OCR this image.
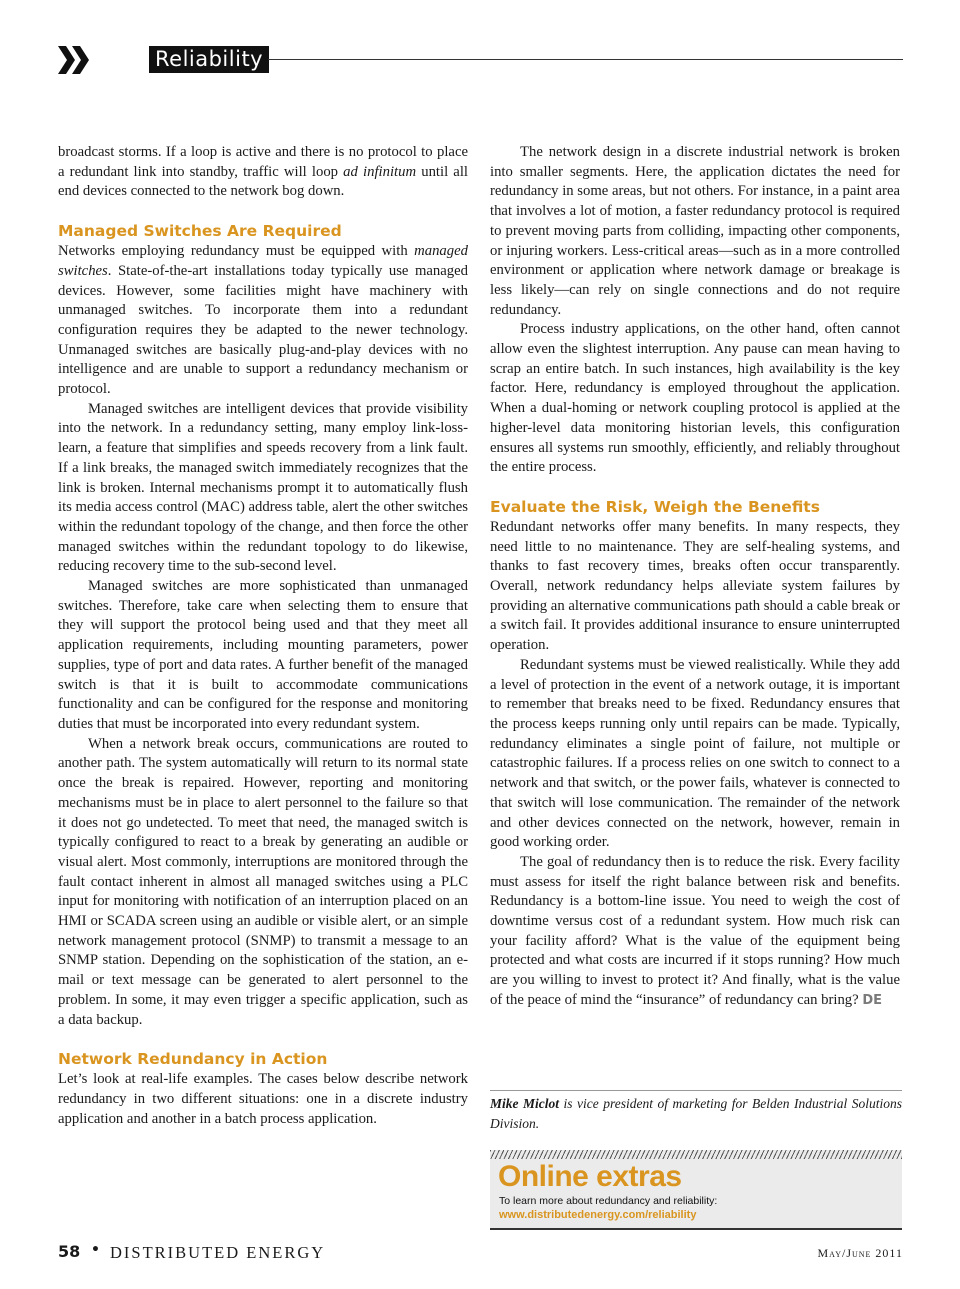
Reliability

broadcast storms. If a loop is active and there is no protocol to place a redundant link into standby, traffic will loop ad infinitum until all end devices connected to the network bog down.

Managed Switches Are Required

Networks employing redundancy must be equipped with managed switches. State-of-the-art installations today typically use managed devices. However, some facilities might have machinery with unmanaged switches. To incorporate them into a redundant configuration requires they be adapted to the newer technology. Unmanaged switches are basically plug-and-play devices with no intelligence and are unable to support a redundancy mechanism or protocol.

Managed switches are intelligent devices that provide visibility into the network. In a redundancy setting, many employ link-loss-learn, a feature that simplifies and speeds recovery from a link fault. If a link breaks, the managed switch immediately recognizes that the link is broken. Internal mechanisms prompt it to automatically flush its media access control (MAC) address table, alert the other switches within the redundant topology of the change, and then force the other managed switches within the redundant topology to do likewise, reducing recovery time to the sub-second level.

Managed switches are more sophisticated than unmanaged switches. Therefore, take care when selecting them to ensure that they will support the protocol being used and that they meet all application requirements, including mounting parameters, power supplies, type of port and data rates. A further benefit of the managed switch is that it is built to accommodate communications functionality and can be configured for the response and monitoring duties that must be incorporated into every redundant system.

When a network break occurs, communications are routed to another path. The system automatically will return to its normal state once the break is repaired. However, reporting and monitoring mechanisms must be in place to alert personnel to the failure so that it does not go undetected. To meet that need, the managed switch is typically configured to react to a break by generating an audible or visual alert. Most commonly, interruptions are monitored through the fault contact inherent in almost all managed switches using a PLC input for monitoring with notification of an interruption placed on an HMI or SCADA screen using an audible or visible alert, or an simple network management protocol (SNMP) to transmit a message to an SNMP station. Depending on the sophistication of the station, an e-mail or text message can be generated to alert personnel to the problem. In some, it may even trigger a specific application, such as a data backup.

Network Redundancy in Action

Let’s look at real-life examples. The cases below describe network redundancy in two different situations: one in a discrete industry application and another in a batch process application.

The network design in a discrete industrial network is broken into smaller segments. Here, the application dictates the need for redundancy in some areas, but not others. For instance, in a paint area that involves a lot of motion, a faster redundancy protocol is required to prevent moving parts from colliding, impacting other components, or injuring workers. Less-critical areas—such as in a more controlled environment or application where network damage or breakage is less likely—can rely on single connections and do not require redundancy.

Process industry applications, on the other hand, often cannot allow even the slightest interruption. Any pause can mean having to scrap an entire batch. In such instances, high availability is the key factor. Here, redundancy is employed throughout the application. When a dual-homing or network coupling protocol is applied at the higher-level data monitoring historian levels, this configuration ensures all systems run smoothly, efficiently, and reliably throughout the entire process.

Evaluate the Risk, Weigh the Benefits

Redundant networks offer many benefits. In many respects, they need little to no maintenance. They are self-healing systems, and thanks to fast recovery times, breaks often occur transparently. Overall, network redundancy helps alleviate system failures by providing an alternative communications path should a cable break or a switch fail. It provides additional insurance to ensure uninterrupted operation.

Redundant systems must be viewed realistically. While they add a level of protection in the event of a network outage, it is important to remember that breaks need to be fixed. Redundancy ensures that the process keeps running only until repairs can be made. Typically, redundancy eliminates a single point of failure, not multiple or catastrophic failures. If a process relies on one switch to connect to a network and that switch, or the power fails, whatever is connected to that switch will lose communication. The remainder of the network and other devices connected on the network, however, remain in good working order.

The goal of redundancy then is to reduce the risk. Every facility must assess for itself the right balance between risk and benefits. Redundancy is a bottom-line issue. You need to weigh the cost of downtime versus cost of a redundant system. How much risk can your facility afford? What is the value of the equipment being protected and what costs are incurred if it stops running? How much are you willing to invest to protect it? And finally, what is the value of the peace of mind the “insurance” of redundancy can bring? DE

Mike Miclot is vice president of marketing for Belden Industrial Solutions Division.
Online extras
To learn more about redundancy and reliability:
www.distributedenergy.com/reliability
58 • DISTRIBUTED ENERGY	May/June 2011
